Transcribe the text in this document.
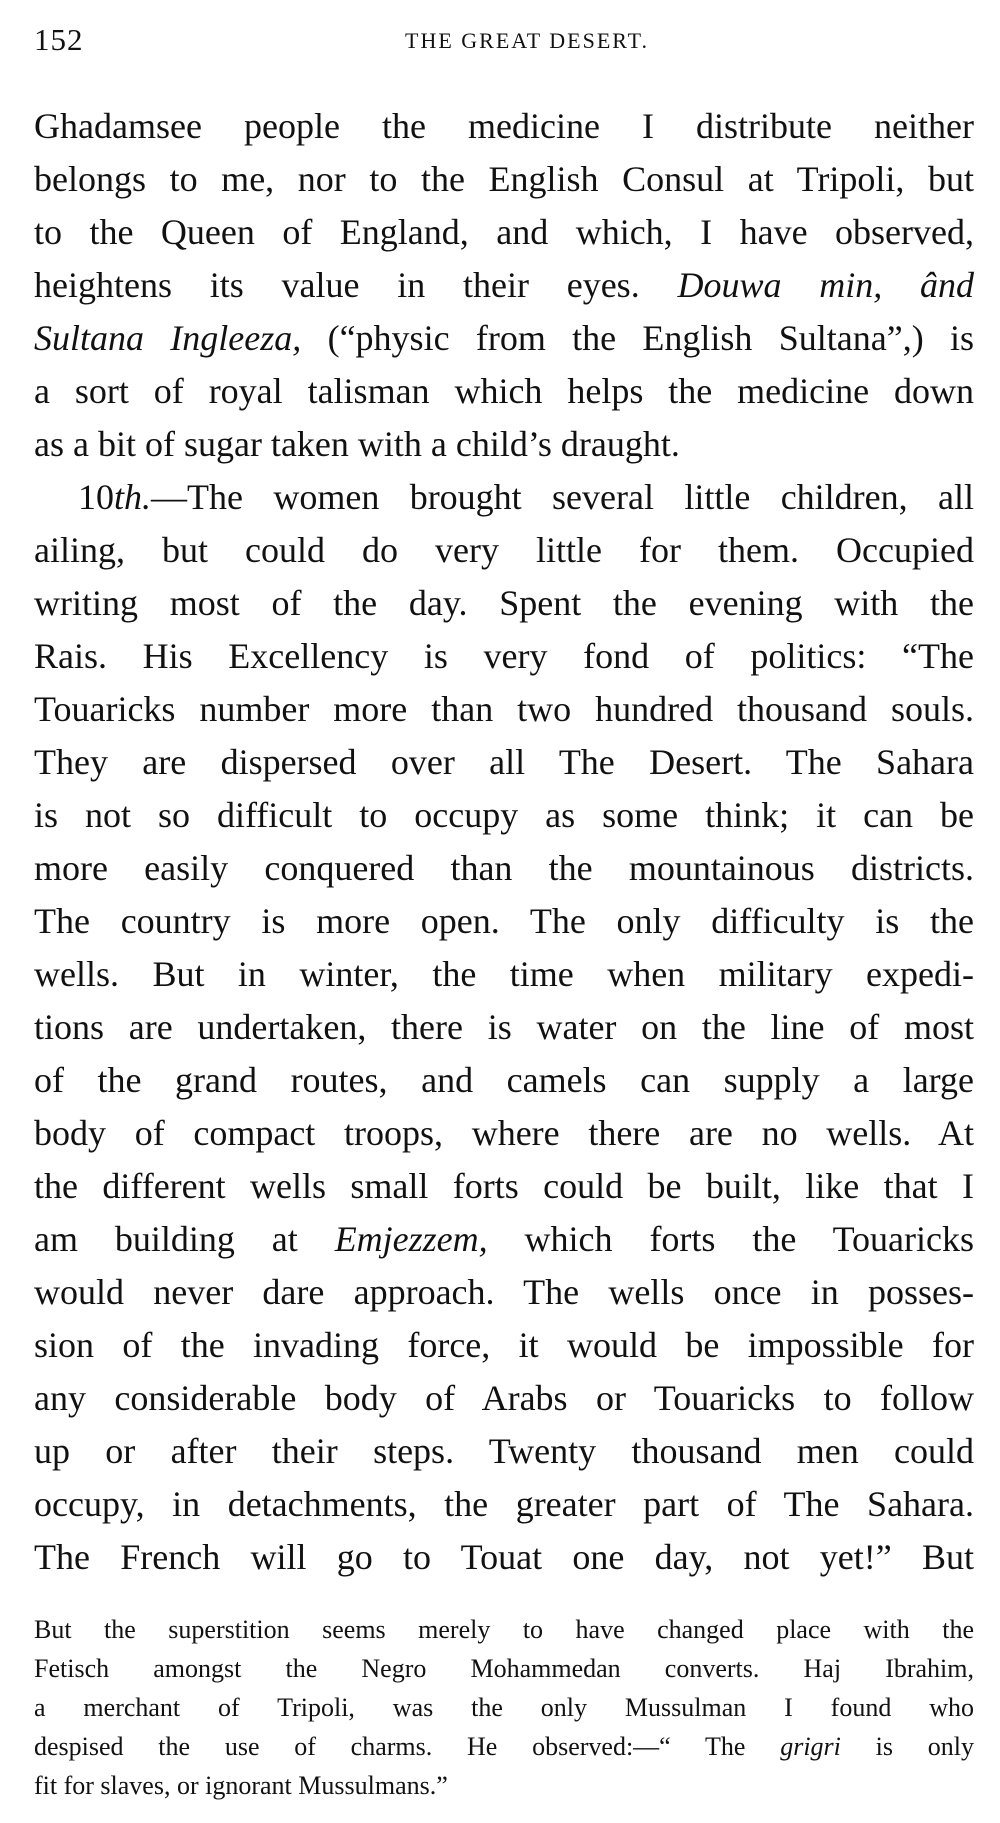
152	THE GREAT DESERT.
Ghadamsee people the medicine I distribute neither
belongs to me, nor to the English Consul at Tripoli, but
to the Queen of England, and which, I have observed,
heightens its value in their eyes. Douwa min, ând
Sultana Ingleeza, (“physic from the English Sultana”,) is
a sort of royal talisman which helps the medicine down
as a bit of sugar taken with a child’s draught.
10th.—The women brought several little children, all
ailing, but could do very little for them. Occupied
writing most of the day. Spent the evening with the
Rais. His Excellency is very fond of politics: “The
Touaricks number more than two hundred thousand souls.
They are dispersed over all The Desert. The Sahara
is not so difficult to occupy as some think; it can be
more easily conquered than the mountainous districts.
The country is more open. The only difficulty is the
wells. But in winter, the time when military expedi-
tions are undertaken, there is water on the line of most
of the grand routes, and camels can supply a large
body of compact troops, where there are no wells. At
the different wells small forts could be built, like that I
am building at Emjezzem, which forts the Touaricks
would never dare approach. The wells once in posses-
sion of the invading force, it would be impossible for
any considerable body of Arabs or Touaricks to follow
up or after their steps. Twenty thousand men could
occupy, in detachments, the greater part of The Sahara.
The French will go to Touat one day, not yet!” But
But the superstition seems merely to have changed place with the
Fetisch amongst the Negro Mohammedan converts. Haj Ibrahim,
a merchant of Tripoli, was the only Mussulman I found who
despised the use of charms. He observed:—“ The grigri is only
fit for slaves, or ignorant Mussulmans.”
